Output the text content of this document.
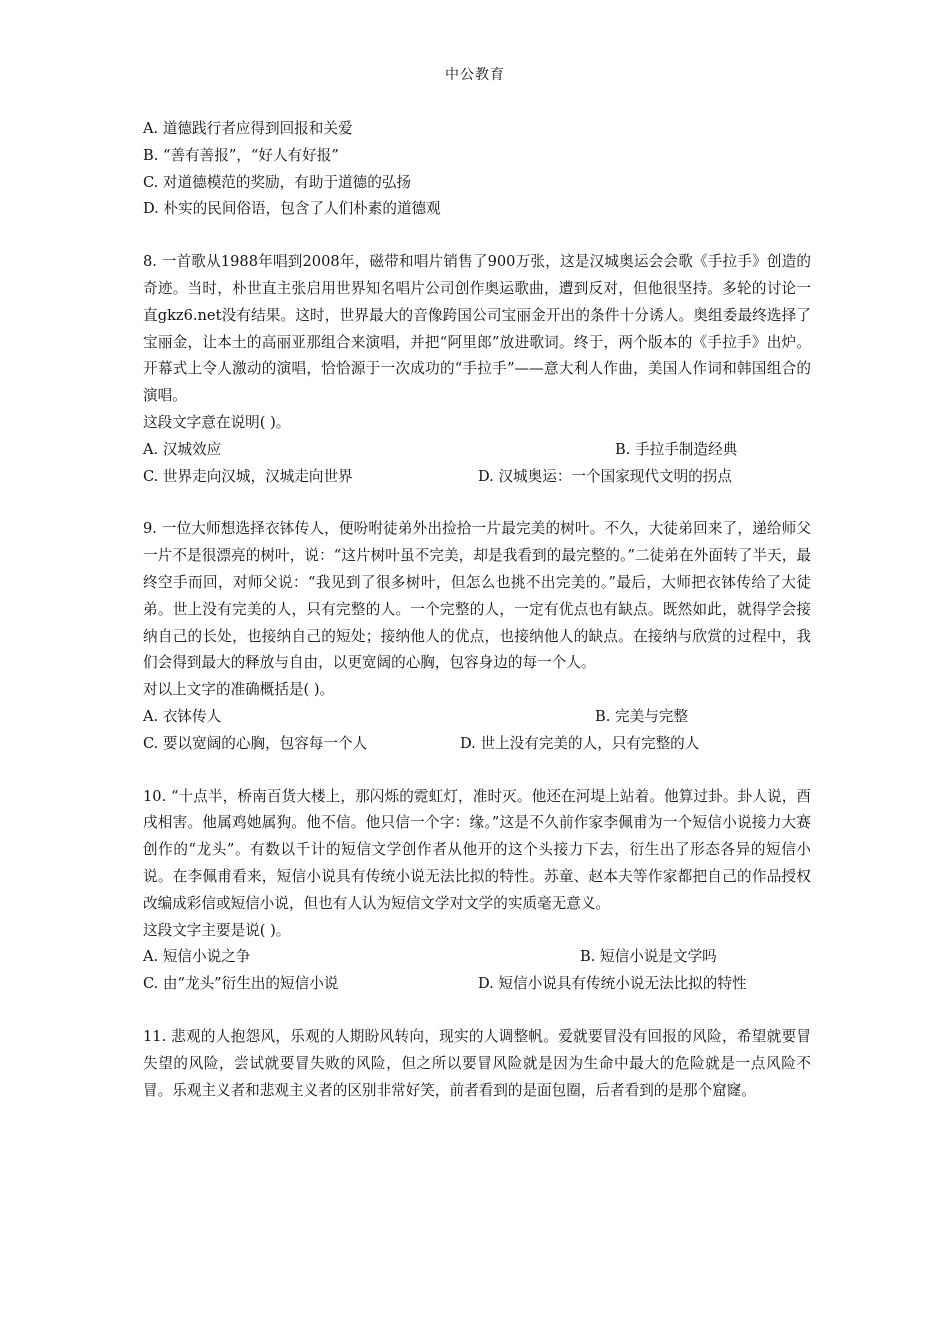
中公教育
A. 道德践行者应得到回报和关爱
B. “善有善报”，“好人有好报”
C. 对道德模范的奖励，有助于道德的弘扬
D. 朴实的民间俗语，包含了人们朴素的道德观
8. 一首歌从1988年唱到2008年，磁带和唱片销售了900万张，这是汉城奥运会会歌《手拉手》创造的奇迹。当时，朴世直主张启用世界知名唱片公司创作奥运歌曲，遭到反对，但他很坚持。多轮的讨论一直gkz6.net没有结果。这时，世界最大的音像跨国公司宝丽金开出的条件十分诱人。奥组委最终选择了宝丽金，让本土的高丽亚那组合来演唱，并把“阿里郎”放进歌词。终于，两个版本的《手拉手》出炉。开幕式上令人激动的演唱，恰恰源于一次成功的“手拉手”——意大利人作曲，美国人作词和韩国组合的演唱。
这段文字意在说明( )。
A. 汉城效应	B. 手拉手制造经典
C. 世界走向汉城，汉城走向世界	D. 汉城奥运：一个国家现代文明的拐点
9. 一位大师想选择衣钵传人，便吩咐徒弟外出捡拾一片最完美的树叶。不久，大徒弟回来了，递给师父一片不是很漂亮的树叶，说：“这片树叶虽不完美，却是我看到的最完整的。”二徒弟在外面转了半天，最终空手而回，对师父说：“我见到了很多树叶，但怎么也挑不出完美的。”最后，大师把衣钵传给了大徒弟。世上没有完美的人，只有完整的人。一个完整的人，一定有优点也有缺点。既然如此，就得学会接纳自己的长处，也接纳自己的短处；接纳他人的优点，也接纳他人的缺点。在接纳与欣赏的过程中，我们会得到最大的释放与自由，以更宽阔的心胸，包容身边的每一个人。
对以上文字的准确概括是( )。
A. 衣钵传人	B. 完美与完整
C. 要以宽阔的心胸，包容每一个人	D. 世上没有完美的人，只有完整的人
10. “十点半，桥南百货大楼上，那闪烁的霓虹灯，准时灭。他还在河堤上站着。他算过卦。卦人说，酉戌相害。他属鸡她属狗。他不信。他只信一个字：缘。”这是不久前作家李佩甫为一个短信小说接力大赛创作的“龙头”。有数以千计的短信文学创作者从他开的这个头接力下去，衍生出了形态各异的短信小说。在李佩甫看来，短信小说具有传统小说无法比拟的特性。苏童、赵本夫等作家都把自己的作品授权改编成彩信或短信小说，但也有人认为短信文学对文学的实质毫无意义。
这段文字主要是说( )。
A. 短信小说之争	B. 短信小说是文学吗
C. 由“龙头”衍生出的短信小说	D. 短信小说具有传统小说无法比拟的特性
11. 悲观的人抱怨风，乐观的人期盼风转向，现实的人调整帆。爱就要冒没有回报的风险，希望就要冒失望的风险，尝试就要冒失败的风险，但之所以要冒风险就是因为生命中最大的危险就是一点风险不冒。乐观主义者和悲观主义者的区别非常好笑，前者看到的是面包圈，后者看到的是那个窟窿。
